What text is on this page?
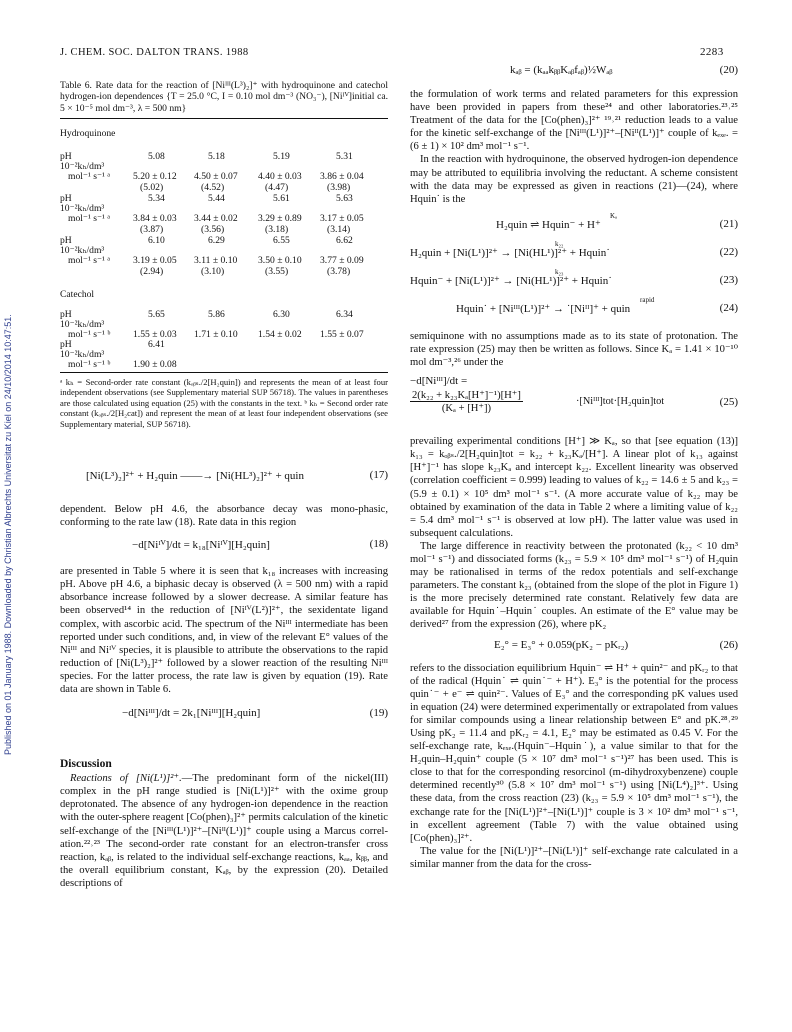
J. CHEM. SOC. DALTON TRANS. 1988	2283
Published on 01 January 1988. Downloaded by Christian Albrechts Universitat zu Kiel on 24/10/2014 10:47:51.
Table 6. Rate data for the reaction of [Niᴵᴵᴵ(L³)₂]⁺ with hydroquinone and catechol hydrogen-ion dependences {T = 25.0 °C, I = 0.10 mol dm⁻³ (NO₃⁻), [Niᴵⱽ]initial ca. 5 × 10⁻⁵ mol dm⁻³, λ = 500 nm}
Hydroquinone
pH
10⁻²kₕ/dm³
mol⁻¹ s⁻¹ ᵃ
5.08	5.18	5.19	5.31
5.20 ± 0.12 4.50 ± 0.07 4.40 ± 0.03 3.86 ± 0.04
(5.02)	(4.52)	(4.47)	(3.98)
pH
10⁻²kₕ/dm³
mol⁻¹ s⁻¹ ᵃ
5.34	5.44	5.61	5.63
3.84 ± 0.03 3.44 ± 0.02 3.29 ± 0.89 3.17 ± 0.05
(3.87)	(3.56)	(3.18)	(3.14)
pH
10⁻²kₕ/dm³
mol⁻¹ s⁻¹ ᵃ
6.10	6.29	6.55	6.62
3.19 ± 0.05 3.11 ± 0.10 3.50 ± 0.10 3.77 ± 0.09
(2.94)	(3.10)	(3.55)	(3.78)
Catechol
pH
10⁻²kₕ/dm³
mol⁻¹ s⁻¹ ᵇ
5.65	5.86	6.30	6.34
1.55 ± 0.03 1.71 ± 0.10 1.54 ± 0.02 1.55 ± 0.07
pH
10⁻²kₕ/dm³
mol⁻¹ s⁻¹ ᵇ
6.41
1.90 ± 0.08
ᵃ kₕ = Second-order rate constant (kₒᵦₛ./2[H₂quin]) and represents the mean of at least four independent observations (see Supplementary material SUP 56718). The values in parentheses are those calculated using equation (25) with the constants in the text. ᵇ kₕ = Second order rate constant (kₒᵦₛ./2[H₂cat]) and represent the mean of at least four independent observations (see Supplementary material, SUP 56718).
[Ni(L³)₂]²⁺ + H₂quin ——→ [Ni(HL³)₂]²⁺ + quin	(17)
dependent. Below pH 4.6, the absorbance decay was mono-phasic, conforming to the rate law (18). Rate data in this region
−d[Niᴵⱽ]/dt = k₁₈[Niᴵⱽ][H₂quin]	(18)
are presented in Table 5 where it is seen that k₁₈ increases with increasing pH. Above pH 4.6, a biphasic decay is observed (λ = 500 nm) with a rapid absorbance increase followed by a slower decrease. A similar feature has been observed¹⁴ in the reduction of [Niᴵⱽ(L²)]²⁺, the sexidentate ligand complex, with ascorbic acid. The spectrum of the Niᴵᴵᴵ intermediate has been reported under such conditions, and, in view of the relevant E° values of the Niᴵᴵᴵ and Niᴵⱽ species, it is plausible to attribute the observations to the rapid reduction of [Ni(L³)₂]²⁺ followed by a slower reaction of the resulting Niᴵᴵᴵ species. For the latter process, the rate law is given by equation (19). Rate data are shown in Table 6.
−d[Niᴵᴵᴵ]/dt = 2k₁[Niᴵᴵᴵ][H₂quin]	(19)
Discussion
Reactions of [Ni(L¹)]²⁺.—The predominant form of the nickel(III) complex in the pH range studied is [Ni(L¹)]²⁺ with the oxime group deprotonated. The absence of any hydrogen-ion dependence in the reaction with the outer-sphere reagent [Co(phen)₃]²⁺ permits calculation of the kinetic self-exchange of the [Niᴵᴵᴵ(L¹)]²⁺–[Niᴵᴵ(L¹)]⁺ couple using a Marcus correl-ation.²²˒²³ The second-order rate constant for an electron-transfer cross reaction, kₐᵦ, is related to the individual self-exchange reactions, kₐₐ, kᵦᵦ, and the overall equilibrium constant, Kₐᵦ, by the expression (20). Detailed descriptions of
kₐᵦ = (kₐₐkᵦᵦKₐᵦfₐᵦ)½Wₐᵦ	(20)
the formulation of work terms and related parameters for this expression have been provided in papers from these²⁴ and other laboratories.²³˒²⁵ Treatment of the data for the [Co(phen)₃]²⁺ ¹⁹˒²¹ reduction leads to a value for the kinetic self-exchange of the [Niᴵᴵᴵ(L¹)]²⁺–[Niᴵᴵ(L¹)]⁺ couple of kₑₓₑ. = (6 ± 1) × 10² dm³ mol⁻¹ s⁻¹.
In the reaction with hydroquinone, the observed hydrogen-ion dependence may be attributed to equilibria involving the reductant. A scheme consistent with the data may be expressed as given in reactions (21)—(24), where Hquin˙ is the
Kₐ
H₂quin ⇌ Hquin⁻ + H⁺	(21)
k₂₂
H₂quin + [Ni(L¹)]²⁺ → [Ni(HL¹)]²⁺ + Hquin˙	(22)
k₂₃
Hquin⁻ + [Ni(L¹)]²⁺ → [Ni(HL¹)]²⁺ + Hquin˙	(23)
rapid
Hquin˙ + [Niᴵᴵᴵ(L¹)]²⁺ → ˙[Niᴵᴵ]⁺ + quin	(24)
semiquinone with no assumptions made as to its state of protonation. The rate expression (25) may then be written as follows. Since Kₐ = 1.41 × 10⁻¹⁰ mol dm⁻³,²⁶ under the
−d[Niᴵᴵᴵ]/dt =
$\frac{\text{2(k₂₂ + k₂₃Kₐ[H⁺]⁻¹)[H⁺]}}{\text{(Kₐ + [H⁺])}}$	·[Niᴵᴵᴵ]tot·[H₂quin]tot	(25)
prevailing experimental conditions [H⁺] ≫ Kₐ, so that [see equation (13)] k₁₃ = kₒᵦₛ./2[H₂quin]tot = k₂₂ + k₂₃Kₐ/[H⁺]. A linear plot of k₁₃ against [H⁺]⁻¹ has slope k₂₃Kₐ and intercept k₂₂. Excellent linearity was observed (correlation coefficient = 0.999) leading to values of k₂₂ = 14.6 ± 5 and k₂₃ = (5.9 ± 0.1) × 10⁵ dm³ mol⁻¹ s⁻¹. (A more accurate value of k₂₂ may be obtained by examination of the data in Table 2 where a limiting value of k₂₂ = 5.4 dm³ mol⁻¹ s⁻¹ is observed at low pH). The latter value was used in subsequent calculations.
The large difference in reactivity between the protonated (k₂₂ < 10 dm³ mol⁻¹ s⁻¹) and dissociated forms (k₂₃ = 5.9 × 10⁵ dm³ mol⁻¹ s⁻¹) of H₂quin may be rationalised in terms of the redox potentials and self-exchange parameters. The constant k₂₃ (obtained from the slope of the plot in Figure 1) is the more precisely determined rate constant. Relatively few data are available for Hquin˙–Hquin˙ couples. An estimate of the E° value may be derived²⁷ from the expression (26), where pK₂
E₂° = E₃° + 0.059(pK₂ − pKᵣ₂)	(26)
refers to the dissociation equilibrium Hquin⁻ ⇌ H⁺ + quin²⁻ and pKᵣ₂ to that of the radical (Hquin˙ ⇌ quin˙⁻ + H⁺). E₃° is the potential for the process quin˙⁻ + e⁻ ⇌ quin²⁻. Values of E₃° and the corresponding pK values used in equation (24) were determined experimentally or extrapolated from values for similar compounds using a linear relationship between E° and pK.²⁸˒²⁹ Using pK₂ = 11.4 and pKᵣ₂ = 4.1, E₂° may be estimated as 0.45 V. For the self-exchange rate, kₑₓₑ.(Hquin⁻–Hquin˙), a value similar to that for the H₂quin–H₂quin⁺ couple (5 × 10⁷ dm³ mol⁻¹ s⁻¹)²⁷ has been used. This is close to that for the corresponding resorcinol (m-dihydroxybenzene) couple determined recently³⁰ (5.8 × 10⁷ dm³ mol⁻¹ s⁻¹) using [Ni(L⁴)₂]³⁺. Using these data, from the cross reaction (23) (k₂₃ = 5.9 × 10⁵ dm³ mol⁻¹ s⁻¹), the exchange rate for the [Ni(L¹)]²⁺–[Ni(L¹)]⁺ couple is 3 × 10² dm³ mol⁻¹ s⁻¹, in excellent agreement (Table 7) with the value obtained using [Co(phen)₃]²⁺.
The value for the [Ni(L¹)]²⁺–[Ni(L¹)]⁺ self-exchange rate calculated in a similar manner from the data for the cross-
